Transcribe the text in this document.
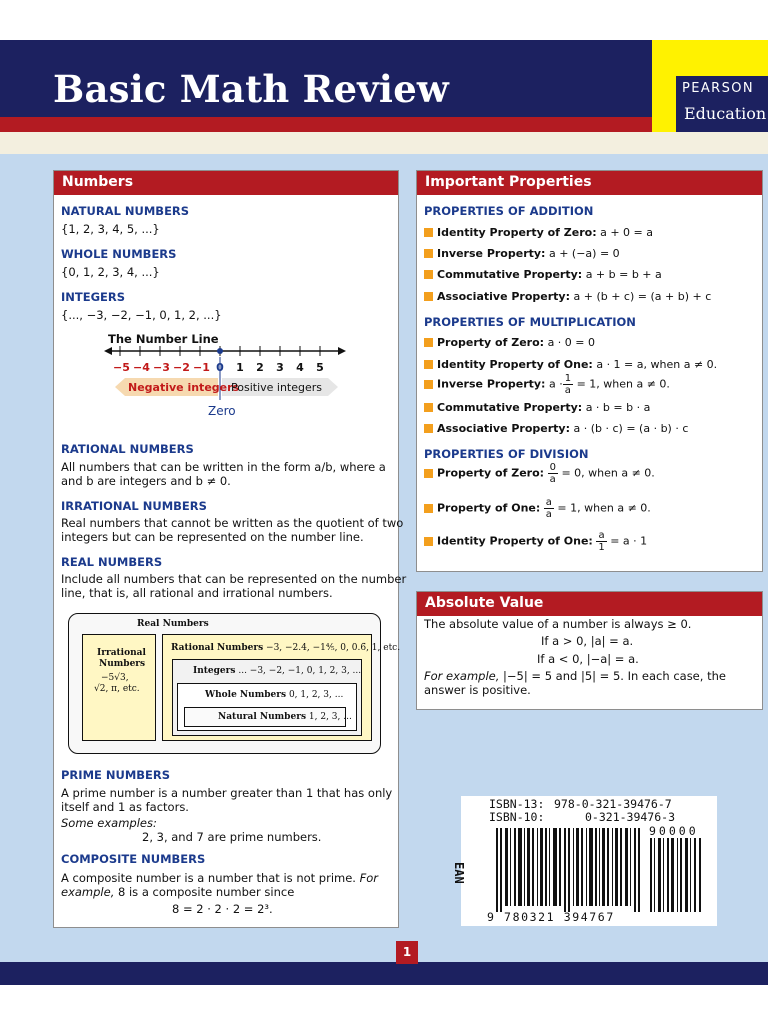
Basic Math Review	PEARSON
Education
Numbers
NATURAL NUMBERS
{1, 2, 3, 4, 5, ...}
WHOLE NUMBERS
{0, 1, 2, 3, 4, ...}
INTEGERS
{..., −3, −2, −1, 0, 1, 2, ...}
The Number Line
−5 −4 −3 −2 −1 0 1 2 3 4 5
Negative integers
Positive integers
Zero
RATIONAL NUMBERS
All numbers that can be written in the form a/b, where a
and b are integers and b ≠ 0.
IRRATIONAL NUMBERS
Real numbers that cannot be written as the quotient of two
integers but can be represented on the number line.
REAL NUMBERS
Include all numbers that can be represented on the number
line, that is, all rational and irrational numbers.
Real Numbers
Irrational
Numbers
−5√3,
√2, π, etc.
Rational Numbers −3, −2.4, −1⅘, 0, 0.6̄, 1, etc.
Integers ... −3, −2, −1, 0, 1, 2, 3, ...
Whole Numbers 0, 1, 2, 3, ...
Natural Numbers 1, 2, 3, ...
PRIME NUMBERS
A prime number is a number greater than 1 that has only
itself and 1 as factors.
Some examples:
2, 3, and 7 are prime numbers.
COMPOSITE NUMBERS
A composite number is a number that is not prime. For
example, 8 is a composite number since
8 = 2 · 2 · 2 = 2³.
Important Properties
PROPERTIES OF ADDITION
Identity Property of Zero: a + 0 = a
Inverse Property: a + (−a) = 0
Commutative Property: a + b = b + a
Associative Property: a + (b + c) = (a + b) + c
PROPERTIES OF MULTIPLICATION
Property of Zero: a · 0 = 0
Identity Property of One: a · 1 = a, when a ≠ 0.
Inverse Property: $a \cdot \frac{1}{a} = 1$, when a ≠ 0.
Commutative Property: a · b = b · a
Associative Property: a · (b · c) = (a · b) · c
PROPERTIES OF DIVISION
Property of Zero: $\frac{0}{a} = 0$, when a ≠ 0.
Property of One: $\frac{a}{a} = 1$, when a ≠ 0.
Identity Property of One: $\frac{a}{1} = a \cdot 1$
Absolute Value
The absolute value of a number is always ≥ 0.
If a > 0, |a| = a.
If a < 0, |−a| = a.
For example, |−5| = 5 and |5| = 5. In each case, the
answer is positive.
ISBN-13: 978-0-321-39476-7
ISBN-10:	0-321-39476-3
90000
EAN
9 780321 394767
1
